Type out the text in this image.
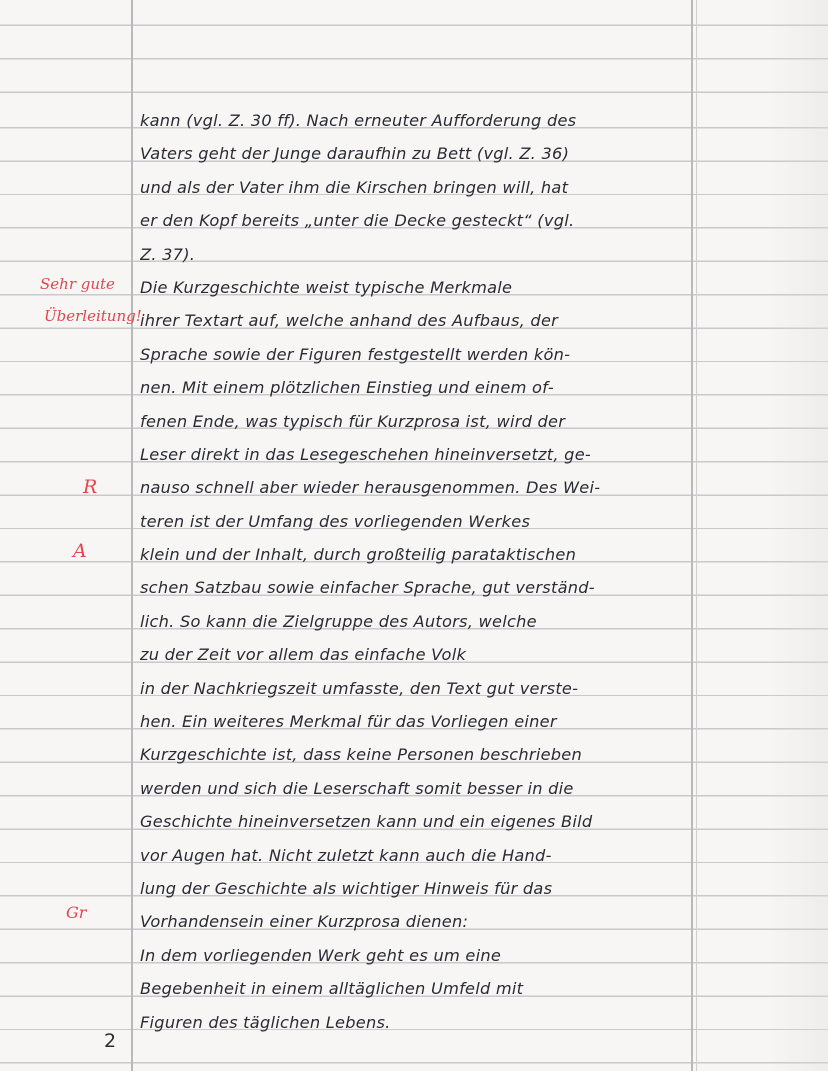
Sehr gute
Überleitung!
R
A
Gr
kann (vgl. Z. 30 ff). Nach erneuter Aufforderung des
Vaters geht der Junge daraufhin zu Bett (vgl. Z. 36)
und als der Vater ihm die Kirschen bringen will, hat
er den Kopf bereits „unter die Decke gesteckt“ (vgl.
Z. 37).
Die Kurzgeschichte weist typische Merkmale
ihrer Textart auf, welche anhand des Aufbaus, der
Sprache sowie der Figuren festgestellt werden kön-
nen. Mit einem plötzlichen Einstieg und einem of-
fenen Ende, was typisch für Kurzprosa ist, wird der
Leser direkt in das Lesegeschehen hineinversetzt, ge-
nauso schnell aber wieder herausgenommen. Des Wei-
teren ist der Umfang des vorliegenden Werkes
klein und der Inhalt, durch großteilig parataktischen
schen Satzbau sowie einfacher Sprache, gut verständ-
lich. So kann die Zielgruppe des Autors, welche
zu der Zeit vor allem das einfache Volk
in der Nachkriegszeit umfasste, den Text gut verste-
hen. Ein weiteres Merkmal für das Vorliegen einer
Kurzgeschichte ist, dass keine Personen beschrieben
werden und sich die Leserschaft somit besser in die
Geschichte hineinversetzen kann und ein eigenes Bild
vor Augen hat. Nicht zuletzt kann auch die Hand-
lung der Geschichte als wichtiger Hinweis für das
Vorhandensein einer Kurzprosa dienen:
In dem vorliegenden Werk geht es um eine
Begebenheit in einem alltäglichen Umfeld mit
Figuren des täglichen Lebens.
2
